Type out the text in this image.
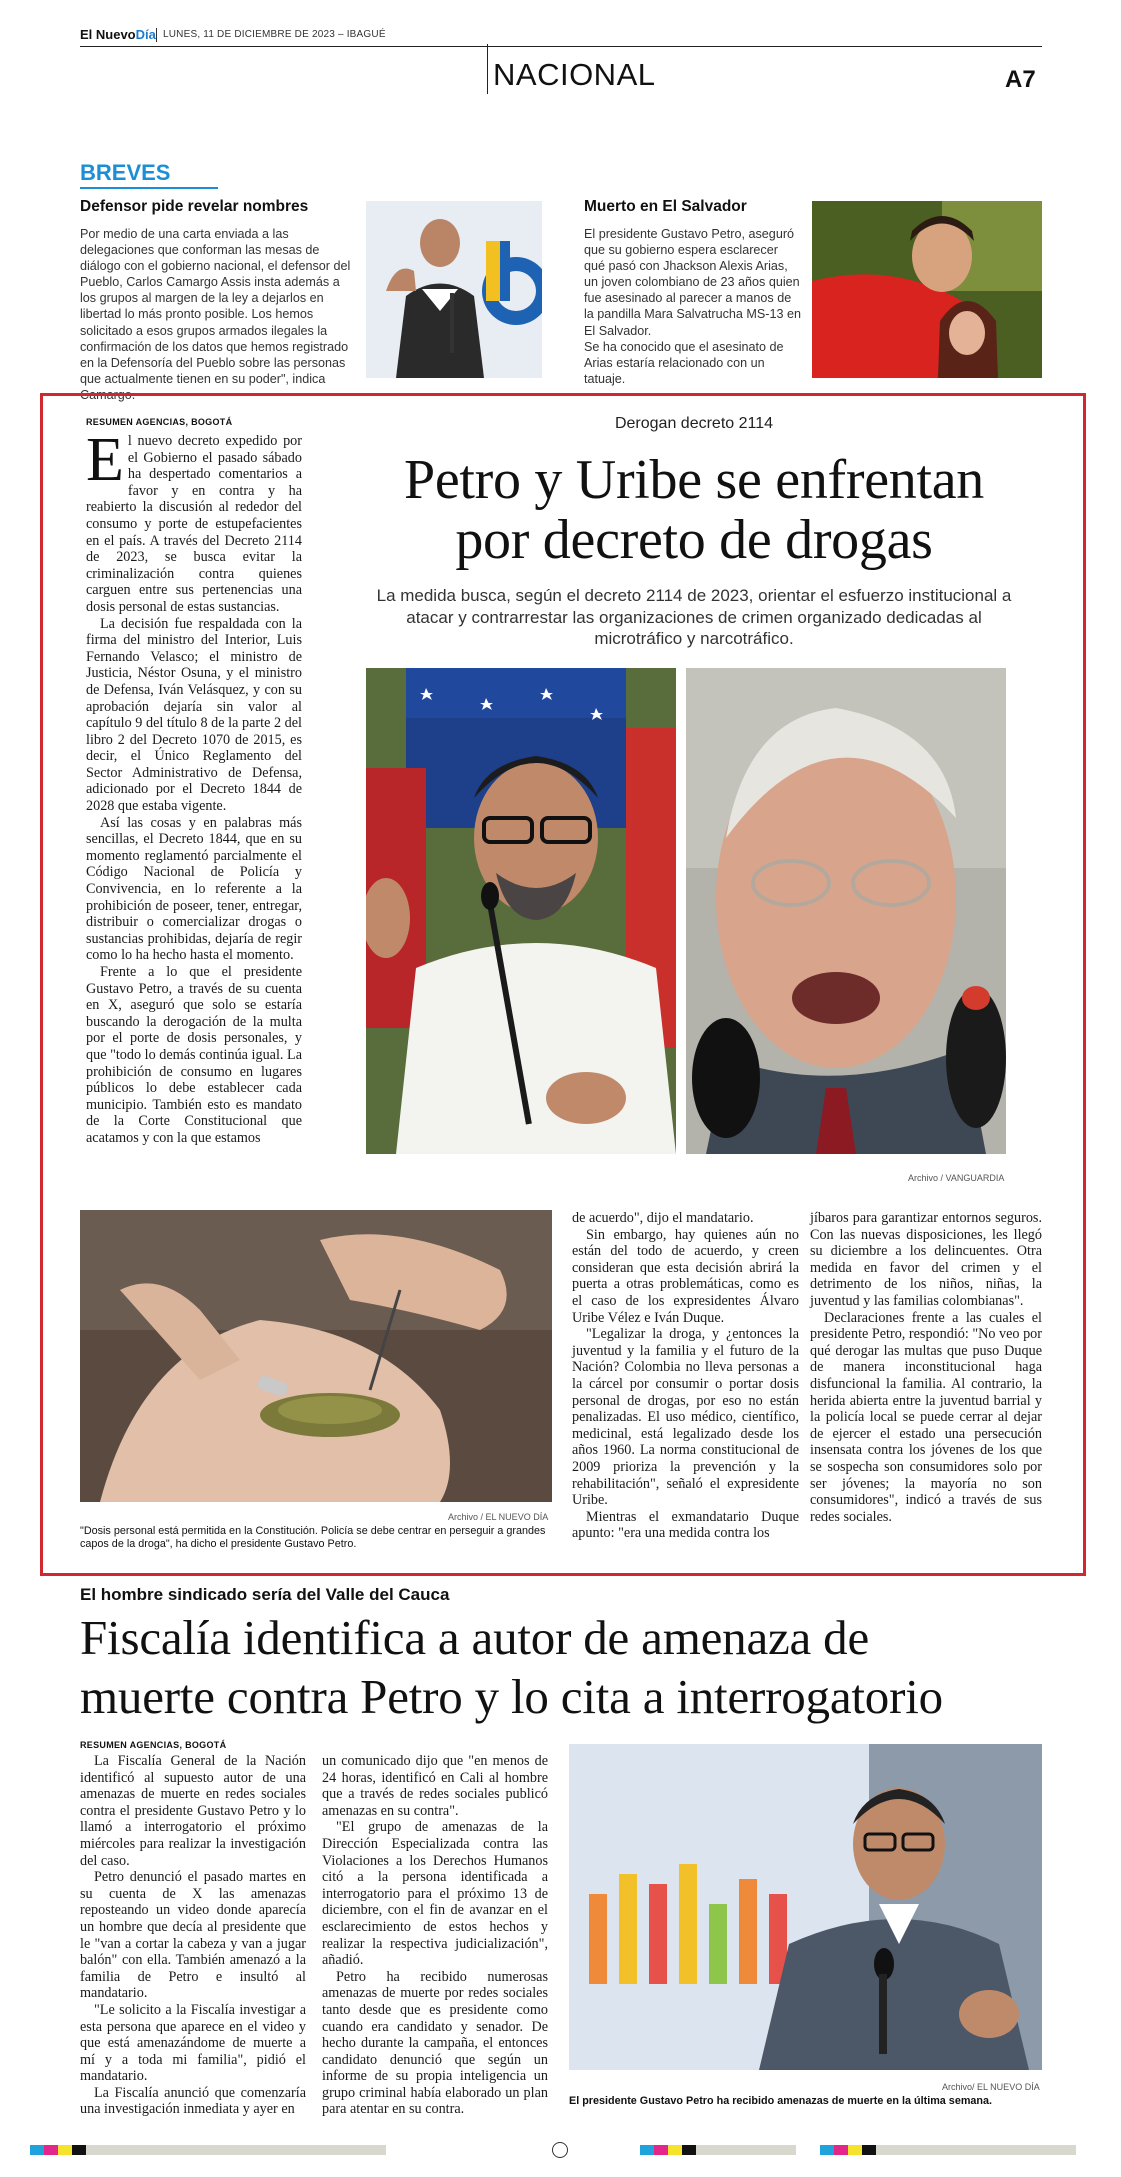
El NuevoDía LUNES, 11 DE DICIEMBRE DE 2023 – IBAGUÉ
NACIONAL	A7
BREVES
Defensor pide revelar nombres
Por medio de una carta enviada a las delegaciones que conforman las mesas de diálogo con el gobierno nacional, el defensor del Pueblo, Carlos Camargo Assis insta además a los grupos al margen de la ley a dejarlos en libertad lo más pronto posible. Los hemos solicitado a esos grupos armados ilegales la confirmación de los datos que hemos registrado en la Defensoría del Pueblo sobre las personas que actualmente tienen en su poder", indica Camargo.
Muerto en El Salvador
El presidente Gustavo Petro, aseguró que su gobierno espera esclarecer qué pasó con Jhackson Alexis Arias, un joven colombiano de 23 años quien fue asesinado al parecer a manos de la pandilla Mara Salvatrucha MS-13 en El Salvador.
Se ha conocido que el asesinato de Arias estaría relacionado con un tatuaje.
RESUMEN AGENCIAS, BOGOTÁ

El nuevo decreto expedido por el Gobierno el pasado sábado ha despertado comentarios a favor y en contra y ha reabierto la discusión al rededor del consumo y porte de estupefacientes en el país. A través del Decreto 2114 de 2023, se busca evitar la criminalización contra quienes carguen entre sus pertenencias una dosis personal de estas sustancias.

La decisión fue respaldada con la firma del ministro del Interior, Luis Fernando Velasco; el ministro de Justicia, Néstor Osuna, y el ministro de Defensa, Iván Velásquez, y con su aprobación dejaría sin valor al capítulo 9 del título 8 de la parte 2 del libro 2 del Decreto 1070 de 2015, es decir, el Único Reglamento del Sector Administrativo de Defensa, adicionado por el Decreto 1844 de 2028 que estaba vigente.

Así las cosas y en palabras más sencillas, el Decreto 1844, que en su momento reglamentó parcialmente el Código Nacional de Policía y Convivencia, en lo referente a la prohibición de poseer, tener, entregar, distribuir o comercializar drogas o sustancias prohibidas, dejaría de regir como lo ha hecho hasta el momento.

Frente a lo que el presidente Gustavo Petro, a través de su cuenta en X, aseguró que solo se estaría buscando la derogación de la multa por el porte de dosis personales, y que "todo lo demás continúa igual. La prohibición de consumo en lugares públicos lo debe establecer cada municipio. También esto es mandato de la Corte Constitucional que acatamos y con la que estamos

Derogan decreto 2114
Petro y Uribe se enfrentan
por decreto de drogas
La medida busca, según el decreto 2114 de 2023, orientar el esfuerzo institucional a atacar y contrarrestar las organizaciones de crimen organizado dedicadas al microtráfico y narcotráfico.
Archivo / VANGUARDIA
Archivo / EL NUEVO DÍA
"Dosis personal está permitida en la Constitución. Policía se debe centrar en perseguir a grandes capos de la droga", ha dicho el presidente Gustavo Petro.

de acuerdo", dijo el mandatario.

Sin embargo, hay quienes aún no están del todo de acuerdo, y creen consideran que esta decisión abrirá la puerta a otras problemáticas, como es el caso de los expresidentes Álvaro Uribe Vélez e Iván Duque.

"Legalizar la droga, y ¿entonces la juventud y la familia y el futuro de la Nación? Colombia no lleva personas a la cárcel por consumir o portar dosis personal de drogas, por eso no están penalizadas. El uso médico, científico, medicinal, está legalizado desde los años 1960. La norma constitucional de 2009 prioriza la prevención y la rehabilitación", señaló el expresidente Uribe.

Mientras el exmandatario Duque apunto: "era una medida contra los

jíbaros para garantizar entornos seguros. Con las nuevas disposiciones, les llegó su diciembre a los delincuentes. Otra medida en favor del crimen y el detrimento de los niños, niñas, la juventud y las familias colombianas".

Declaraciones frente a las cuales el presidente Petro, respondió: "No veo por qué derogar las multas que puso Duque de manera inconstitucional haga disfuncional la familia. Al contrario, la herida abierta entre la juventud barrial y la policía local se puede cerrar al dejar de ejercer el estado una persecución insensata contra los jóvenes de los que se sospecha son consumidores solo por ser jóvenes; la mayoría no son consumidores", indicó a través de sus redes sociales.

El hombre sindicado sería del Valle del Cauca
Fiscalía identifica a autor de amenaza de
muerte contra Petro y lo cita a interrogatorio
RESUMEN AGENCIAS, BOGOTÁ

La Fiscalía General de la Nación identificó al supuesto autor de una amenazas de muerte en redes sociales contra el presidente Gustavo Petro y lo llamó a interrogatorio el próximo miércoles para realizar la investigación del caso.

Petro denunció el pasado martes en su cuenta de X las amenazas reposteando un video donde aparecía un hombre que decía al presidente que le "van a cortar la cabeza y van a jugar balón" con ella. También amenazó a la familia de Petro e insultó al mandatario.

"Le solicito a la Fiscalía investigar a esta persona que aparece en el video y que está amenazándome de muerte a mí y a toda mi familia", pidió el mandatario.

La Fiscalía anunció que comenzaría una investigación inmediata y ayer en

un comunicado dijo que "en menos de 24 horas, identificó en Cali al hombre que a través de redes sociales publicó amenazas en su contra".

"El grupo de amenazas de la Dirección Especializada contra las Violaciones a los Derechos Humanos citó a la persona identificada a interrogatorio para el próximo 13 de diciembre, con el fin de avanzar en el esclarecimiento de estos hechos y realizar la respectiva judicialización", añadió.

Petro ha recibido numerosas amenazas de muerte por redes sociales tanto desde que es presidente como cuando era candidato y senador. De hecho durante la campaña, el entonces candidato denunció que según un informe de su propia inteligencia un grupo criminal había elaborado un plan para atentar en su contra.

Archivo/ EL NUEVO DÍA
El presidente Gustavo Petro ha recibido amenazas de muerte en la última semana.
